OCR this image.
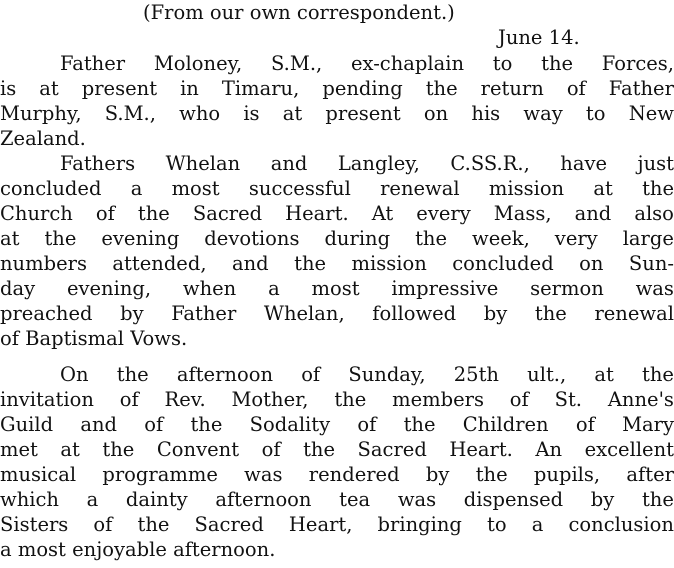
(From our own correspondent.)

June 14.

Father Moloney, S.M., ex-chaplain to the Forces,

is at present in Timaru, pending the return of Father

Murphy, S.M., who is at present on his way to New

Zealand.

Fathers Whelan and Langley, C.SS.R., have just

concluded a most successful renewal mission at the

Church of the Sacred Heart. At every Mass, and also

at the evening devotions during the week, very large

numbers attended, and the mission concluded on Sun-

day evening, when a most impressive sermon was

preached by Father Whelan, followed by the renewal

of Baptismal Vows.

On the afternoon of Sunday, 25th ult., at the

invitation of Rev. Mother, the members of St. Anne's

Guild and of the Sodality of the Children of Mary

met at the Convent of the Sacred Heart. An excellent

musical programme was rendered by the pupils, after

which a dainty afternoon tea was dispensed by the

Sisters of the Sacred Heart, bringing to a conclusion

a most enjoyable afternoon.
